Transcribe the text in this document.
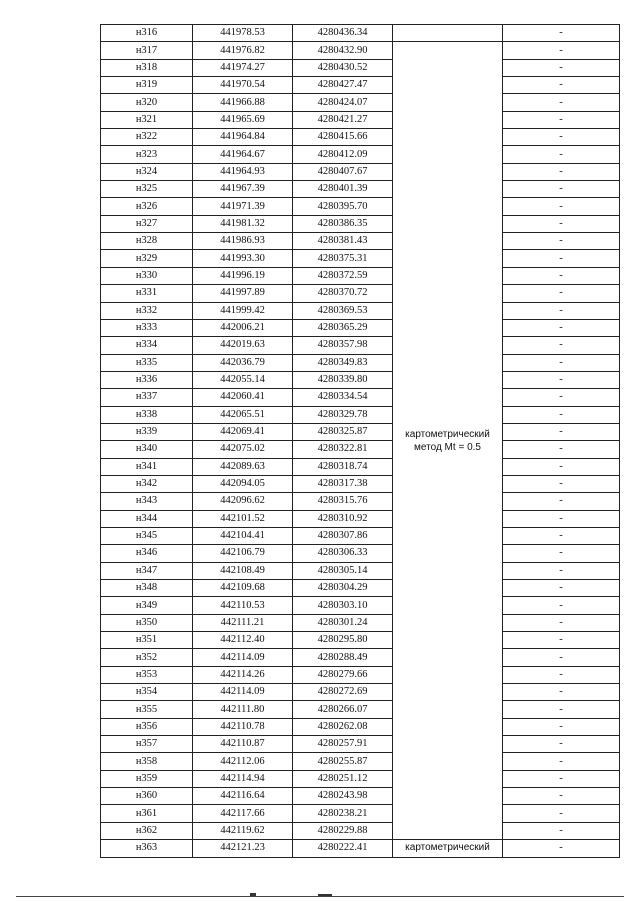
н316	441978.53	4280436.34		-
н317	441976.82	4280432.90	картометрический метод Mt = 0.5	-
н318	441974.27	4280430.52		-
н319	441970.54	4280427.47		-
н320	441966.88	4280424.07		-
н321	441965.69	4280421.27		-
н322	441964.84	4280415.66		-
н323	441964.67	4280412.09		-
н324	441964.93	4280407.67		-
н325	441967.39	4280401.39		-
н326	441971.39	4280395.70		-
н327	441981.32	4280386.35		-
н328	441986.93	4280381.43		-
н329	441993.30	4280375.31		-
н330	441996.19	4280372.59		-
н331	441997.89	4280370.72		-
н332	441999.42	4280369.53		-
н333	442006.21	4280365.29		-
н334	442019.63	4280357.98		-
н335	442036.79	4280349.83		-
н336	442055.14	4280339.80		-
н337	442060.41	4280334.54		-
н338	442065.51	4280329.78		-
н339	442069.41	4280325.87		-
н340	442075.02	4280322.81		-
н341	442089.63	4280318.74		-
н342	442094.05	4280317.38		-
н343	442096.62	4280315.76		-
н344	442101.52	4280310.92		-
н345	442104.41	4280307.86		-
н346	442106.79	4280306.33		-
н347	442108.49	4280305.14		-
н348	442109.68	4280304.29		-
н349	442110.53	4280303.10		-
н350	442111.21	4280301.24		-
н351	442112.40	4280295.80		-
н352	442114.09	4280288.49		-
н353	442114.26	4280279.66		-
н354	442114.09	4280272.69		-
н355	442111.80	4280266.07		-
н356	442110.78	4280262.08		-
н357	442110.87	4280257.91		-
н358	442112.06	4280255.87		-
н359	442114.94	4280251.12		-
н360	442116.64	4280243.98		-
н361	442117.66	4280238.21		-
н362	442119.62	4280229.88		-
н363	442121.23	4280222.41	картометрический	-
